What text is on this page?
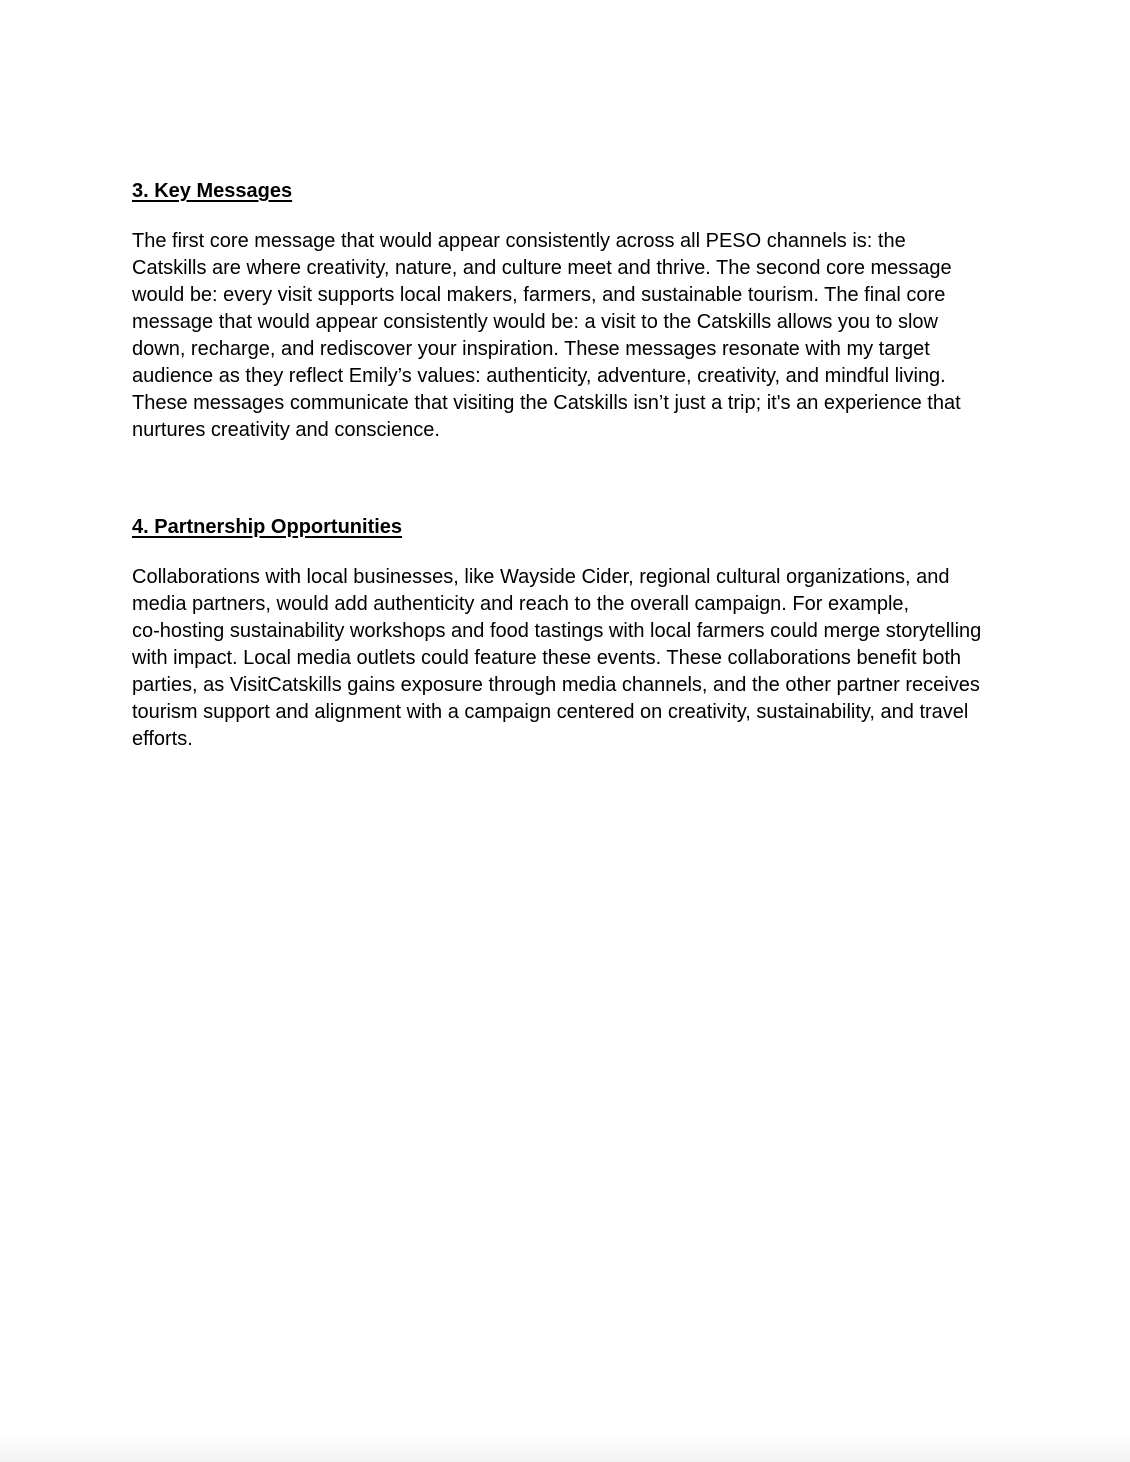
3. Key Messages
The first core message that would appear consistently across all PESO channels is: the
Catskills are where creativity, nature, and culture meet and thrive. The second core message
would be: every visit supports local makers, farmers, and sustainable tourism. The final core
message that would appear consistently would be: a visit to the Catskills allows you to slow
down, recharge, and rediscover your inspiration. These messages resonate with my target
audience as they reflect Emily’s values: authenticity, adventure, creativity, and mindful living.
These messages communicate that visiting the Catskills isn’t just a trip; it's an experience that
nurtures creativity and conscience.
4. Partnership Opportunities
Collaborations with local businesses, like Wayside Cider, regional cultural organizations, and
media partners, would add authenticity and reach to the overall campaign. For example,
co-hosting sustainability workshops and food tastings with local farmers could merge storytelling
with impact. Local media outlets could feature these events. These collaborations benefit both
parties, as VisitCatskills gains exposure through media channels, and the other partner receives
tourism support and alignment with a campaign centered on creativity, sustainability, and travel
efforts.
